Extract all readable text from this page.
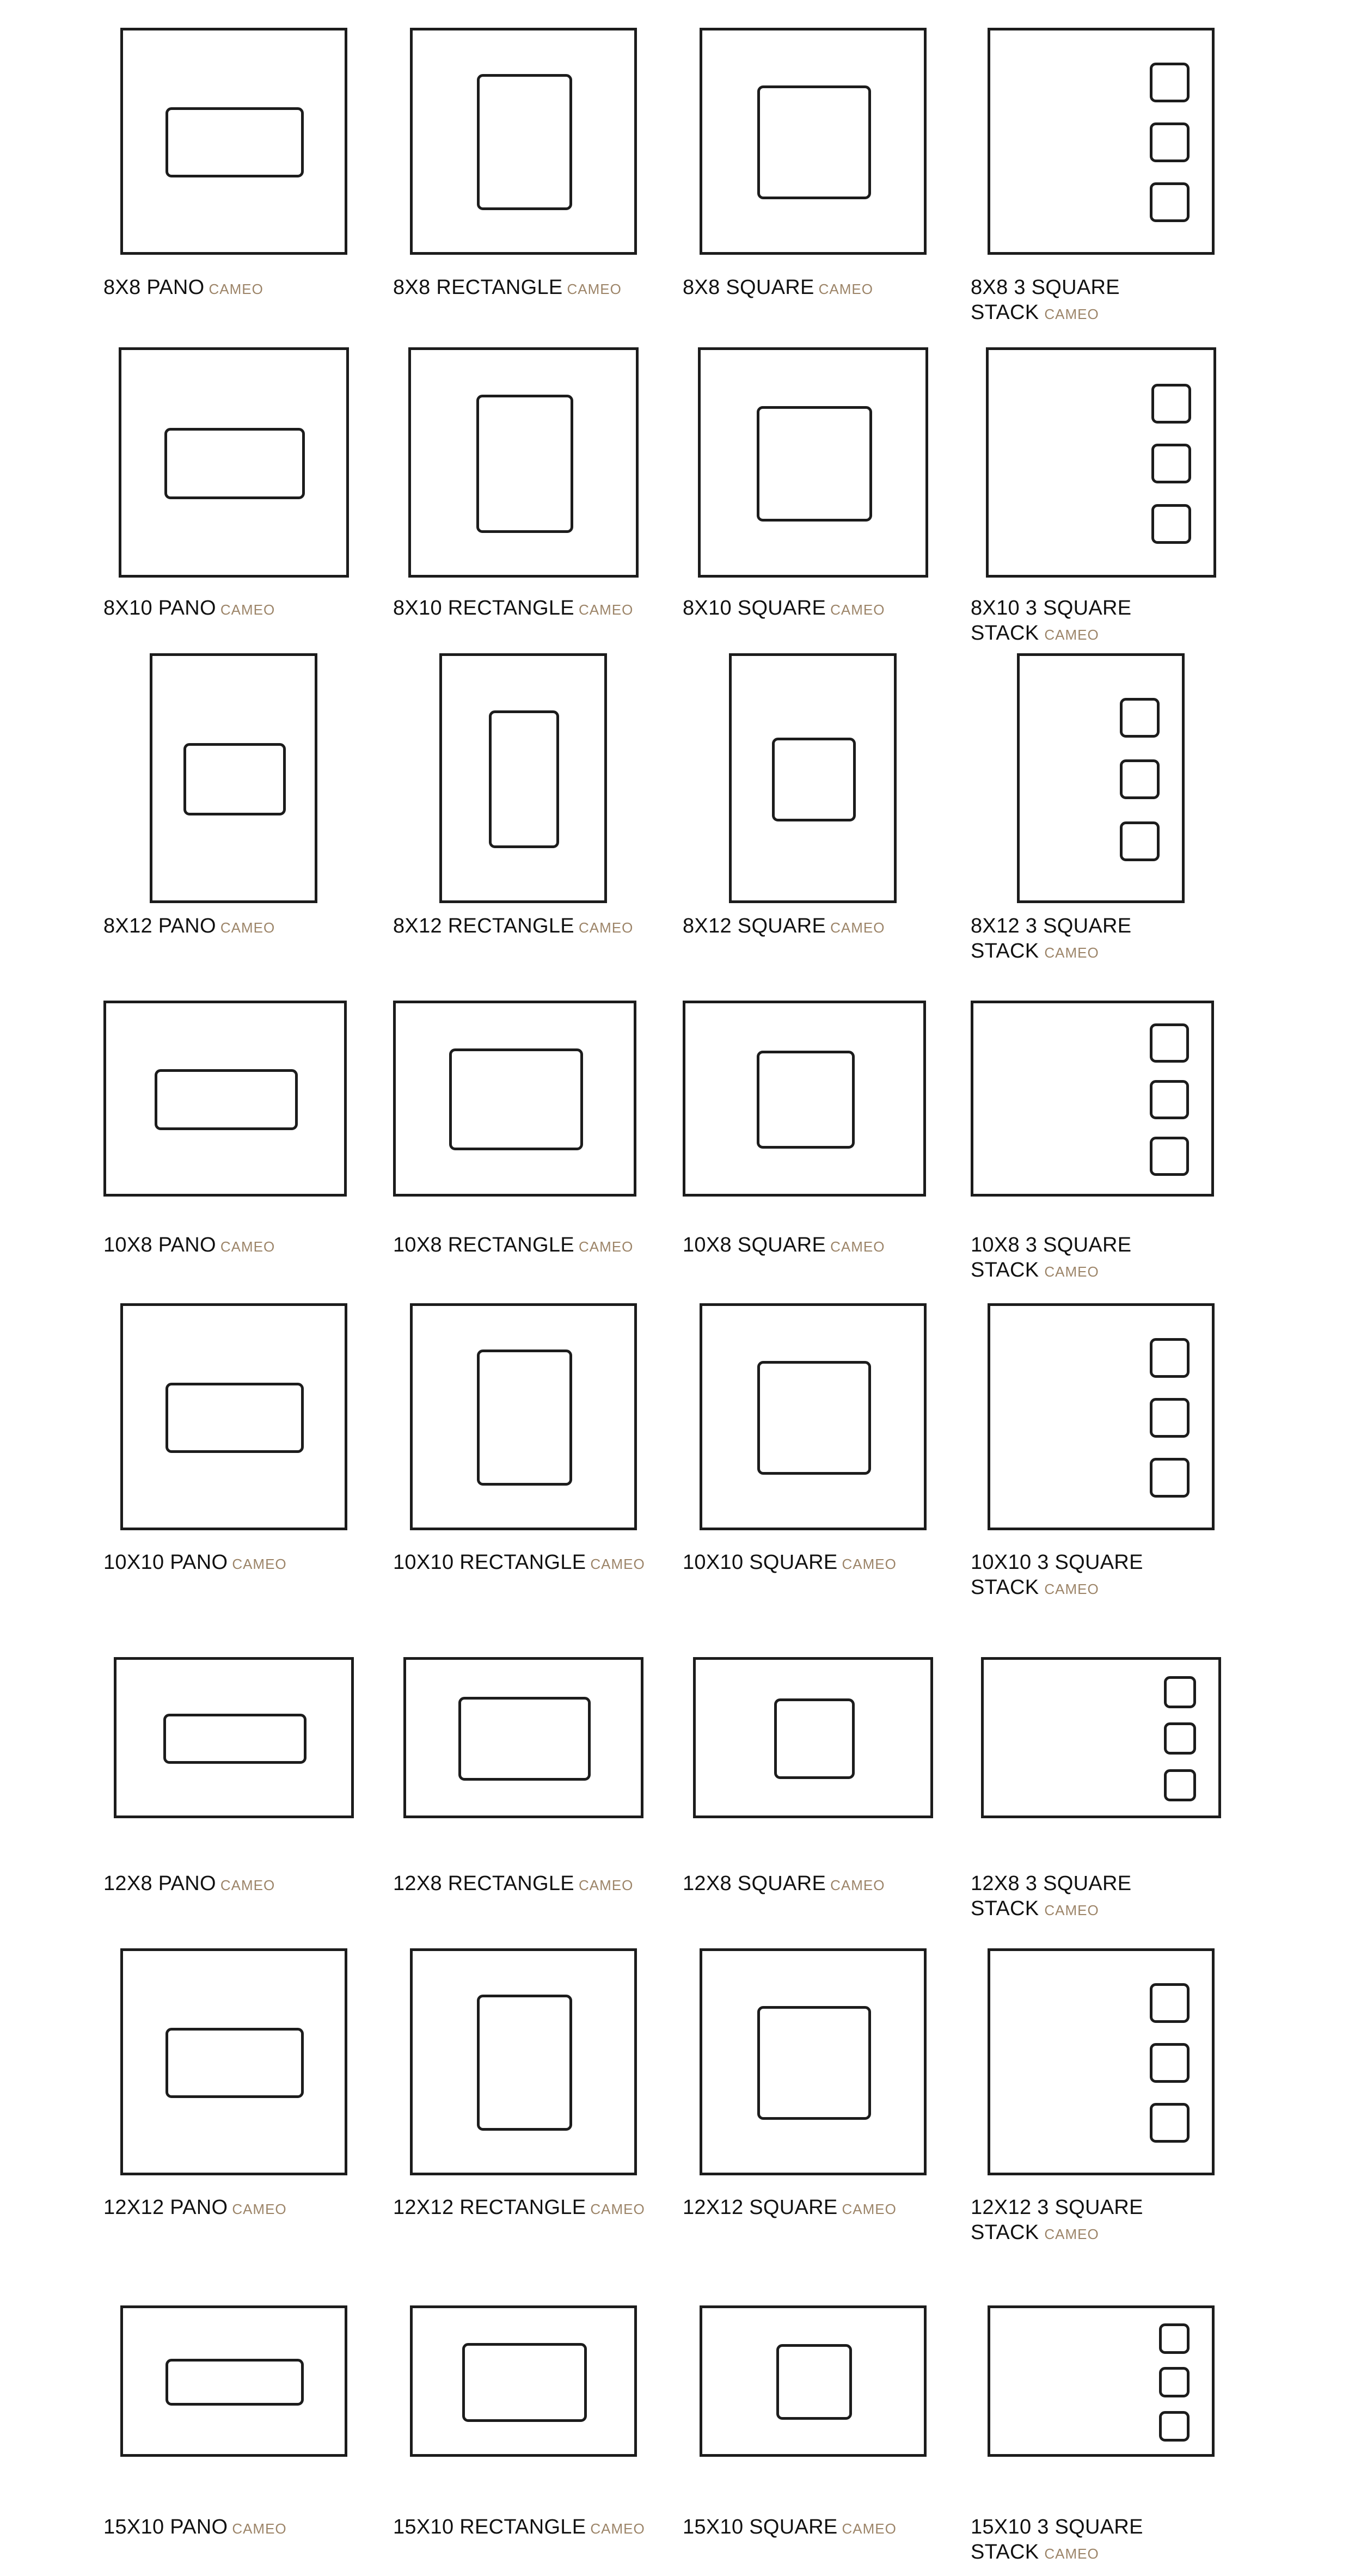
8X8 PANO CAMEO	8X8 RECTANGLE CAMEO	8X8 SQUARE CAMEO	8X8 3 SQUARE STACK CAMEO
8X10 PANO CAMEO	8X10 RECTANGLE CAMEO	8X10 SQUARE CAMEO	8X10 3 SQUARE STACK CAMEO
8X12 PANO CAMEO	8X12 RECTANGLE CAMEO	8X12 SQUARE CAMEO	8X12 3 SQUARE STACK CAMEO
10X8 PANO CAMEO	10X8 RECTANGLE CAMEO	10X8 SQUARE CAMEO	10X8 3 SQUARE STACK CAMEO
10X10 PANO CAMEO	10X10 RECTANGLE CAMEO	10X10 SQUARE CAMEO	10X10 3 SQUARE STACK CAMEO
12X8 PANO CAMEO	12X8 RECTANGLE CAMEO	12X8 SQUARE CAMEO	12X8 3 SQUARE STACK CAMEO
12X12 PANO CAMEO	12X12 RECTANGLE CAMEO	12X12 SQUARE CAMEO	12X12 3 SQUARE STACK CAMEO
15X10 PANO CAMEO	15X10 RECTANGLE CAMEO	15X10 SQUARE CAMEO	15X10 3 SQUARE STACK CAMEO
